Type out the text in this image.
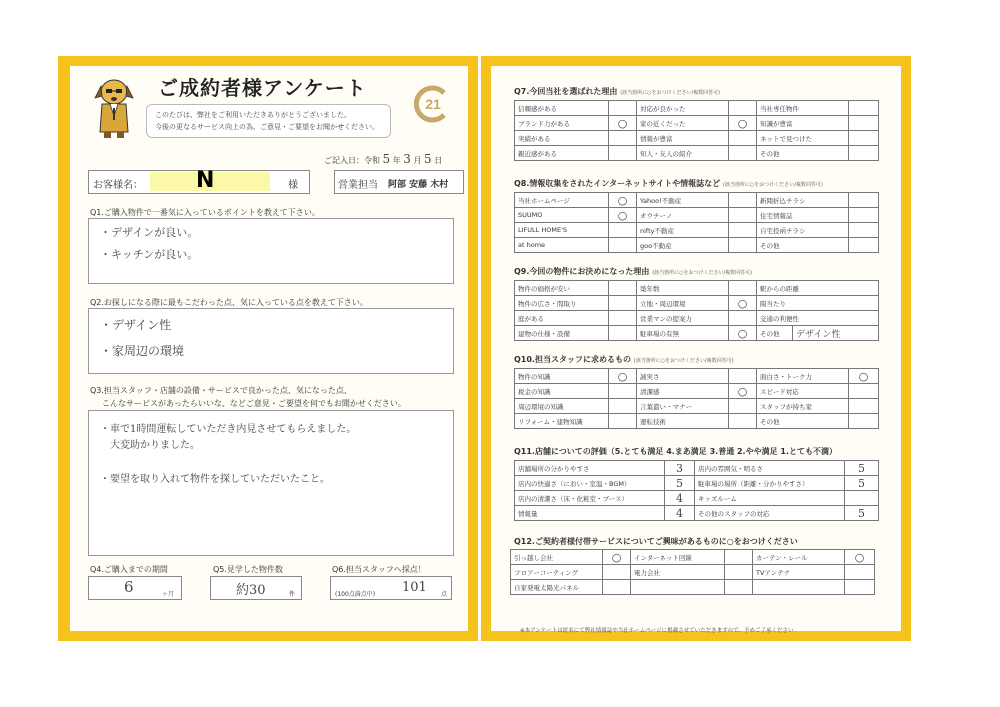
ご成約者様アンケート
このたびは、弊社をご利用いただきありがとうございました。
今後の更なるサービス向上の為、ご意見・ご要望をお聞かせください。
21
ご記入日：令和 5 年 3 月 5 日
お客様名： N	様	営業担当 阿部 安藤 木村
Q1.ご購入物件で一番気に入っているポイントを教えて下さい。
・デザインが良い。
・キッチンが良い。
Q2.お探しになる際に最もこだわった点、気に入っている点を教えて下さい。
・デザイン性
・家周辺の環境
Q3.担当スタッフ・店舗の設備・サービスで良かった点、気になった点、
こんなサービスがあったらいいな、などご意見・ご要望を何でもお聞かせください。
・車で1時間運転していただき内見させてもらえました。
大変助かりました。
・要望を取り入れて物件を探していただいたこと。
Q4.ご購入までの期間
6	ヶ月
Q5.見学した物件数
約30	件
Q6.担当スタッフへ採点！
(100点満点中) 101 点
Q7.今回当社を選ばれた理由 (該当箇所に○をおつけください/複数回答可)
信頼感がある		対応が良かった		当社専任物件	
ブランド力がある	○	家の近くだった	○	知識が豊富	
実績がある		情報が豊富		ネットで見つけた	
親近感がある		知人・友人の紹介		その他	
Q8.情報収集をされたインターネットサイトや情報誌など (該当箇所に○をおつけください/複数回答可)
当社ホームページ	○	Yahoo!不動産		新聞折込チラシ	
SUUMO	○	オウチーノ		住宅情報誌	
LIFULL HOME'S		nifty不動産		自宅投函チラシ	
at home		goo不動産		その他	
Q9.今回の物件にお決めになった理由 (該当箇所に○をおつけください/複数回答可)
物件の価格が安い		築年数		駅からの距離	
物件の広さ・間取り		立地・周辺環境	○	陽当たり	
庭がある		営業マンの提案力		交通の利便性	
建物の仕様・設備		駐車場の有無	○	その他	デザイン性
Q10.担当スタッフに求めるもの (該当箇所に○をおつけください/複数回答可)
物件の知識	○	誠実さ		面白さ・トーク力	○
税金の知識		清潔感	○	スピード対応	
周辺環境の知識		言葉遣い・マナー		スタッフが持ち家	
リフォーム・建物知識		運転技術		その他	
Q11.店舗についての評価（5.とても満足 4.まあ満足 3.普通 2.やや満足 1.とても不満）
店舗場所の分かりやすさ	3	店内の雰囲気・明るさ	5
店内の快適さ（におい・室温・BGM）	5	駐車場の場所（距離・分かりやすさ）	5
店内の清潔さ（床・化粧室・ブース）	4	キッズルーム	
情報量	4	その他のスタッフの対応	5
Q12.ご契約者様付帯サービスについてご興味があるものに○をおつけください
引っ越し会社	○	インターネット回線		カーテン・レール	○
フロアーコーティング		電力会社		TVアンテナ	
自家発電太陽光パネル					
※本アンケートは匿名にて弊社情報誌や当社ホームページに掲載させていただきますので、予めご了承ください。
